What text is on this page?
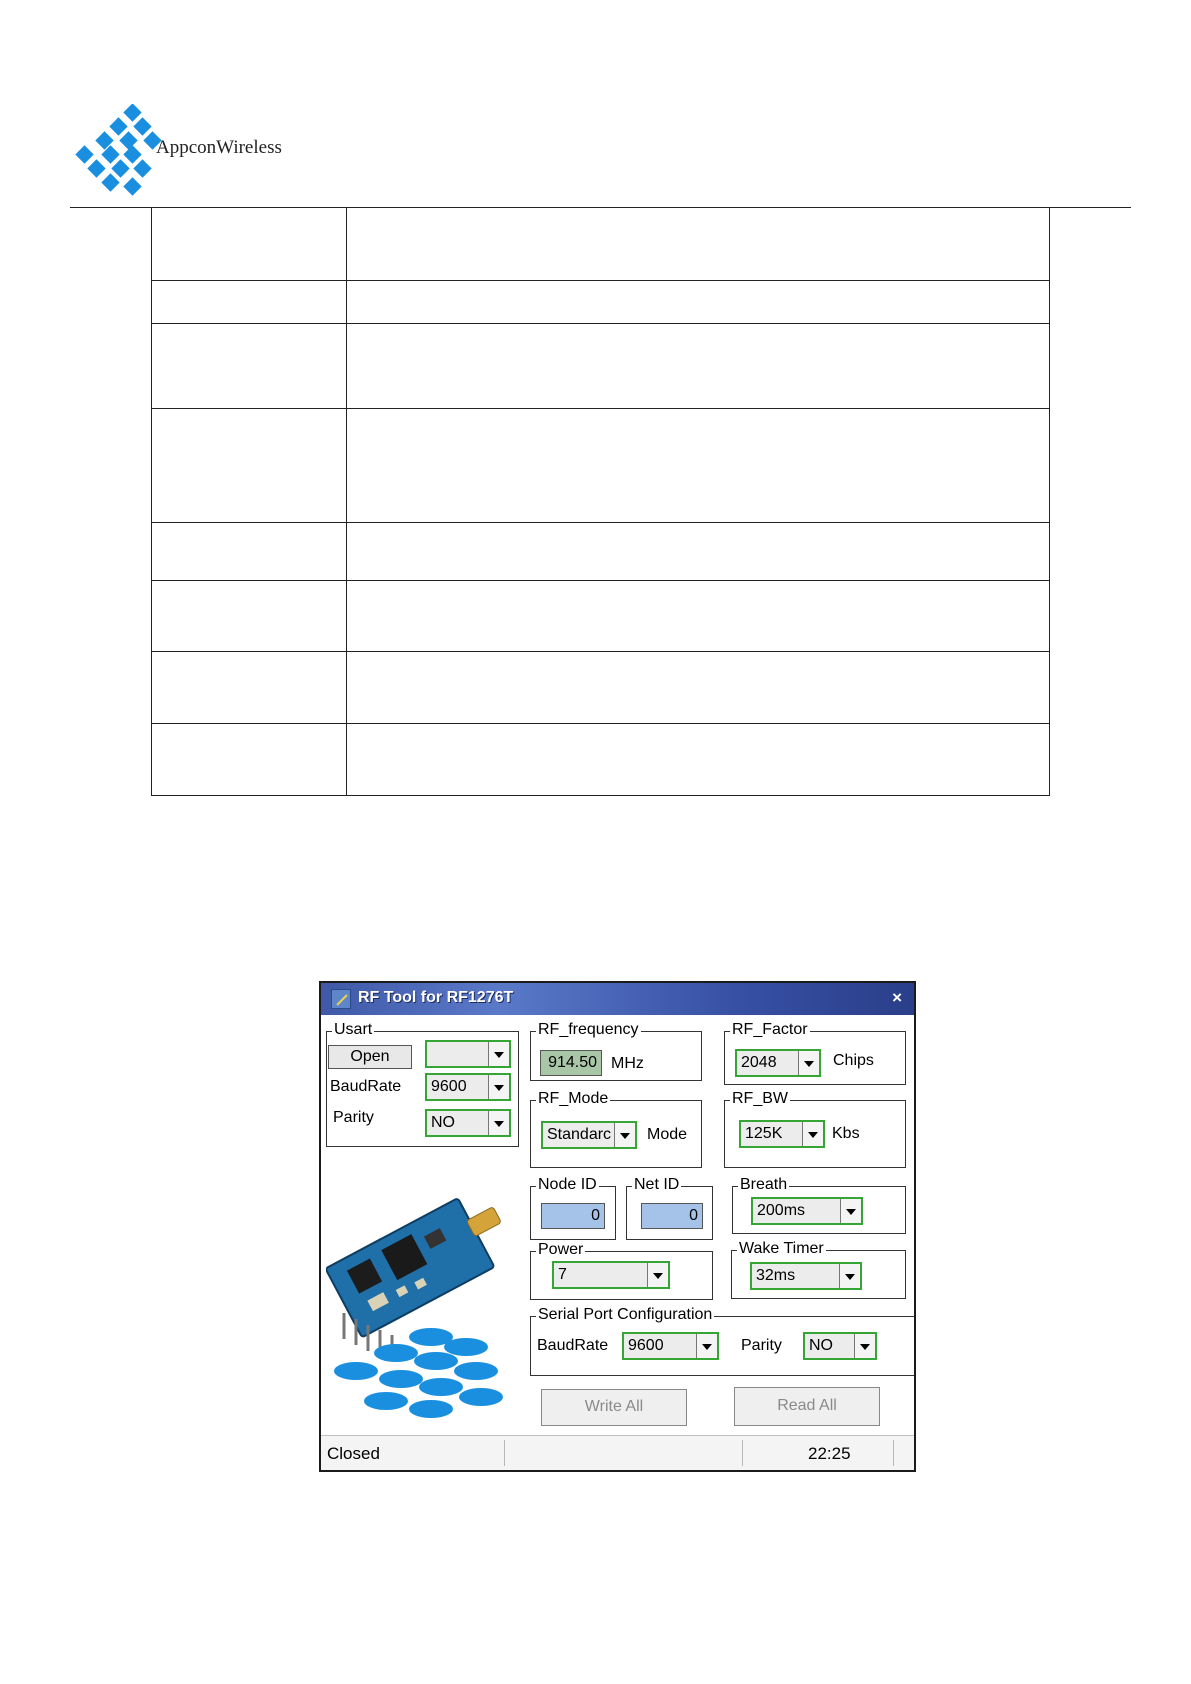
AppconWireless

RF Tool for RF1276T	×
Usart
Open
BaudRate 9600
Parity	NO
RF_frequency
914.50 MHz
RF_Factor
2048	Chips
RF_Mode
Standarc Mode
RF_BW
125K	Kbs
Node ID
0
Net ID
0
Breath
200ms
Power
7
Wake Timer
32ms
Serial Port Configuration
BaudRate 9600	Parity NO
Write All	Read All
Closed	22:25
